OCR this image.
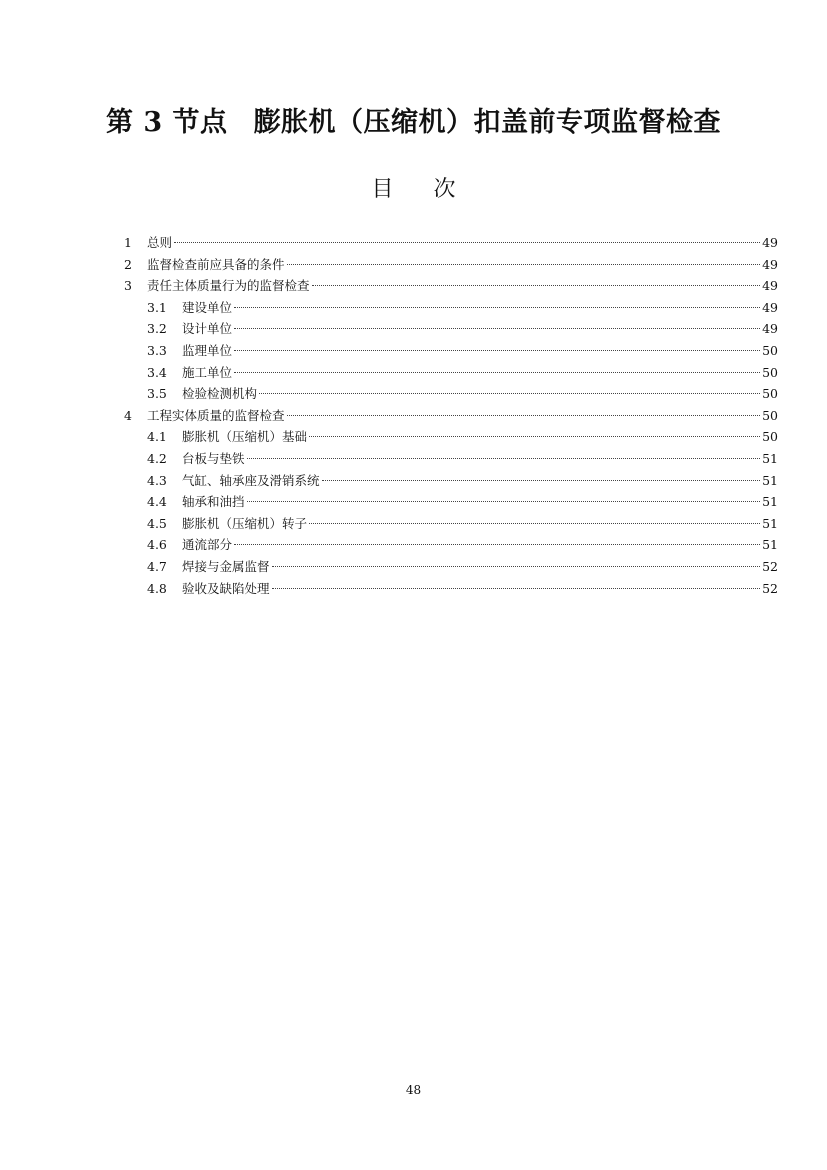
第 3 节点 膨胀机（压缩机）扣盖前专项监督检查
目 次
1	总则	49
2	监督检查前应具备的条件	49
3	责任主体质量行为的监督检查	49
3.1	建设单位	49
3.2	设计单位	49
3.3	监理单位	50
3.4	施工单位	50
3.5	检验检测机构	50
4	工程实体质量的监督检查	50
4.1	膨胀机（压缩机）基础	50
4.2	台板与垫铁	51
4.3	气缸、轴承座及滑销系统	51
4.4	轴承和油挡	51
4.5	膨胀机（压缩机）转子	51
4.6	通流部分	51
4.7	焊接与金属监督	52
4.8	验收及缺陷处理	52
48
